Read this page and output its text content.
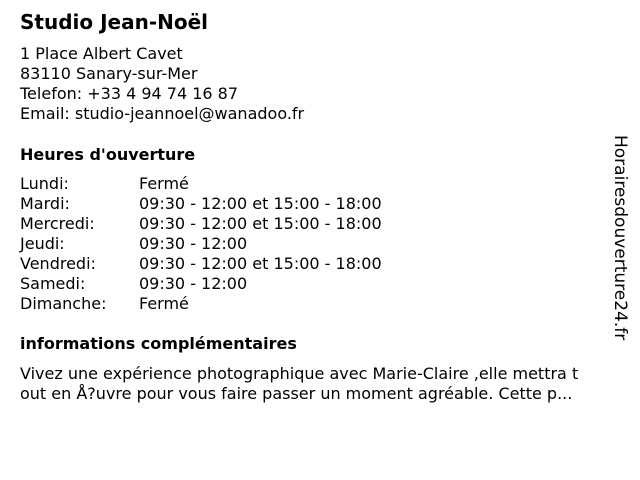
Studio Jean-Noël
1 Place Albert Cavet
83110 Sanary-sur-Mer
Telefon: +33 4 94 74 16 87
Email: studio-jeannoel@wanadoo.fr
Heures d'ouverture
Lundi:	Fermé
Mardi:	09:30 - 12:00 et 15:00 - 18:00
Mercredi:	09:30 - 12:00 et 15:00 - 18:00
Jeudi:	09:30 - 12:00
Vendredi:	09:30 - 12:00 et 15:00 - 18:00
Samedi:	09:30 - 12:00
Dimanche:	Fermé
informations complémentaires
Vivez une expérience photographique avec Marie-Claire ,elle mettra t
out en Å?uvre pour vous faire passer un moment agréable. Cette p...
Horairesdouverture24.fr
